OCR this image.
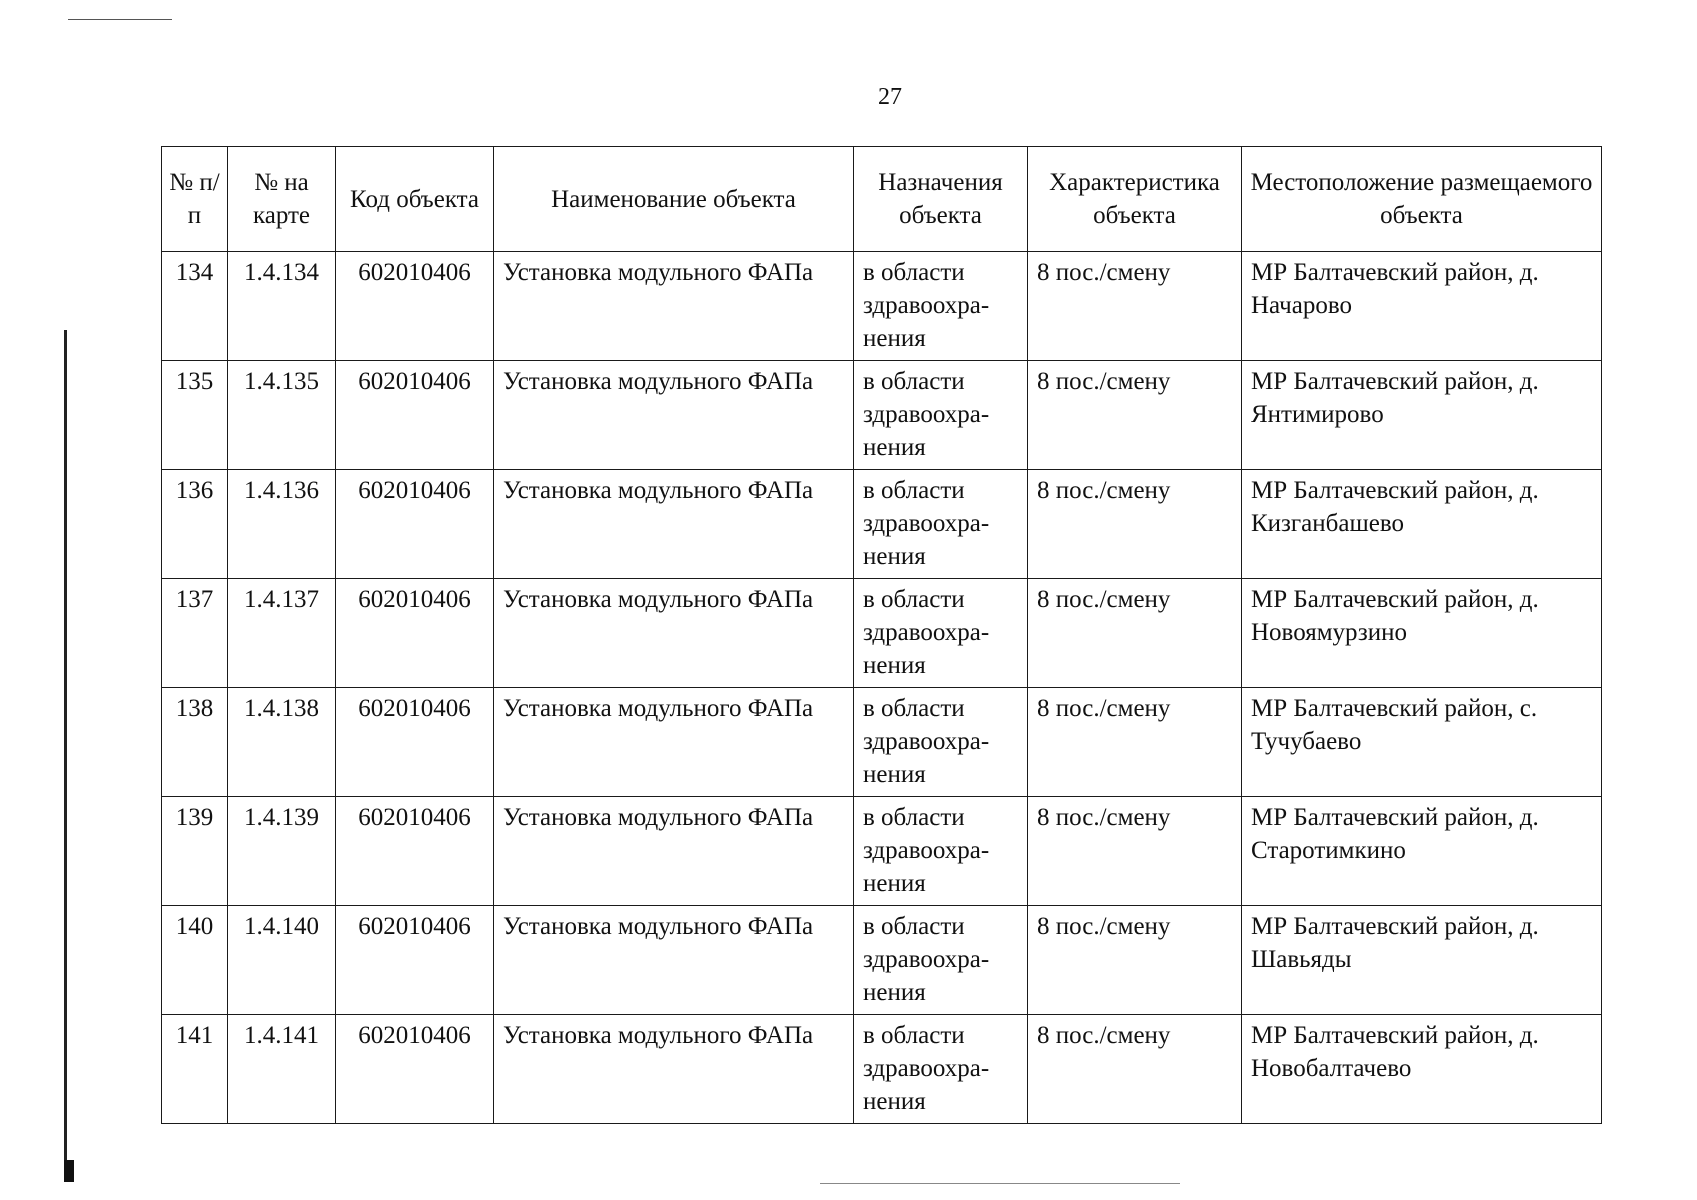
27
№ п/п	№ на карте	Код объекта	Наименование объекта	Назначения объекта	Характеристика объекта	Местоположение размещаемого объекта
134	1.4.134	602010406	Установка модульного ФАПа	в области здравоохра-нения	8 пос./смену	МР Балтачевский район, д. Начарово
135	1.4.135	602010406	Установка модульного ФАПа	в области здравоохра-нения	8 пос./смену	МР Балтачевский район, д. Янтимирово
136	1.4.136	602010406	Установка модульного ФАПа	в области здравоохра-нения	8 пос./смену	МР Балтачевский район, д. Кизганбашево
137	1.4.137	602010406	Установка модульного ФАПа	в области здравоохра-нения	8 пос./смену	МР Балтачевский район, д. Новоямурзино
138	1.4.138	602010406	Установка модульного ФАПа	в области здравоохра-нения	8 пос./смену	МР Балтачевский район, с. Тучубаево
139	1.4.139	602010406	Установка модульного ФАПа	в области здравоохра-нения	8 пос./смену	МР Балтачевский район, д. Старотимкино
140	1.4.140	602010406	Установка модульного ФАПа	в области здравоохра-нения	8 пос./смену	МР Балтачевский район, д. Шавьяды
141	1.4.141	602010406	Установка модульного ФАПа	в области здравоохра-нения	8 пос./смену	МР Балтачевский район, д. Новобалтачево
